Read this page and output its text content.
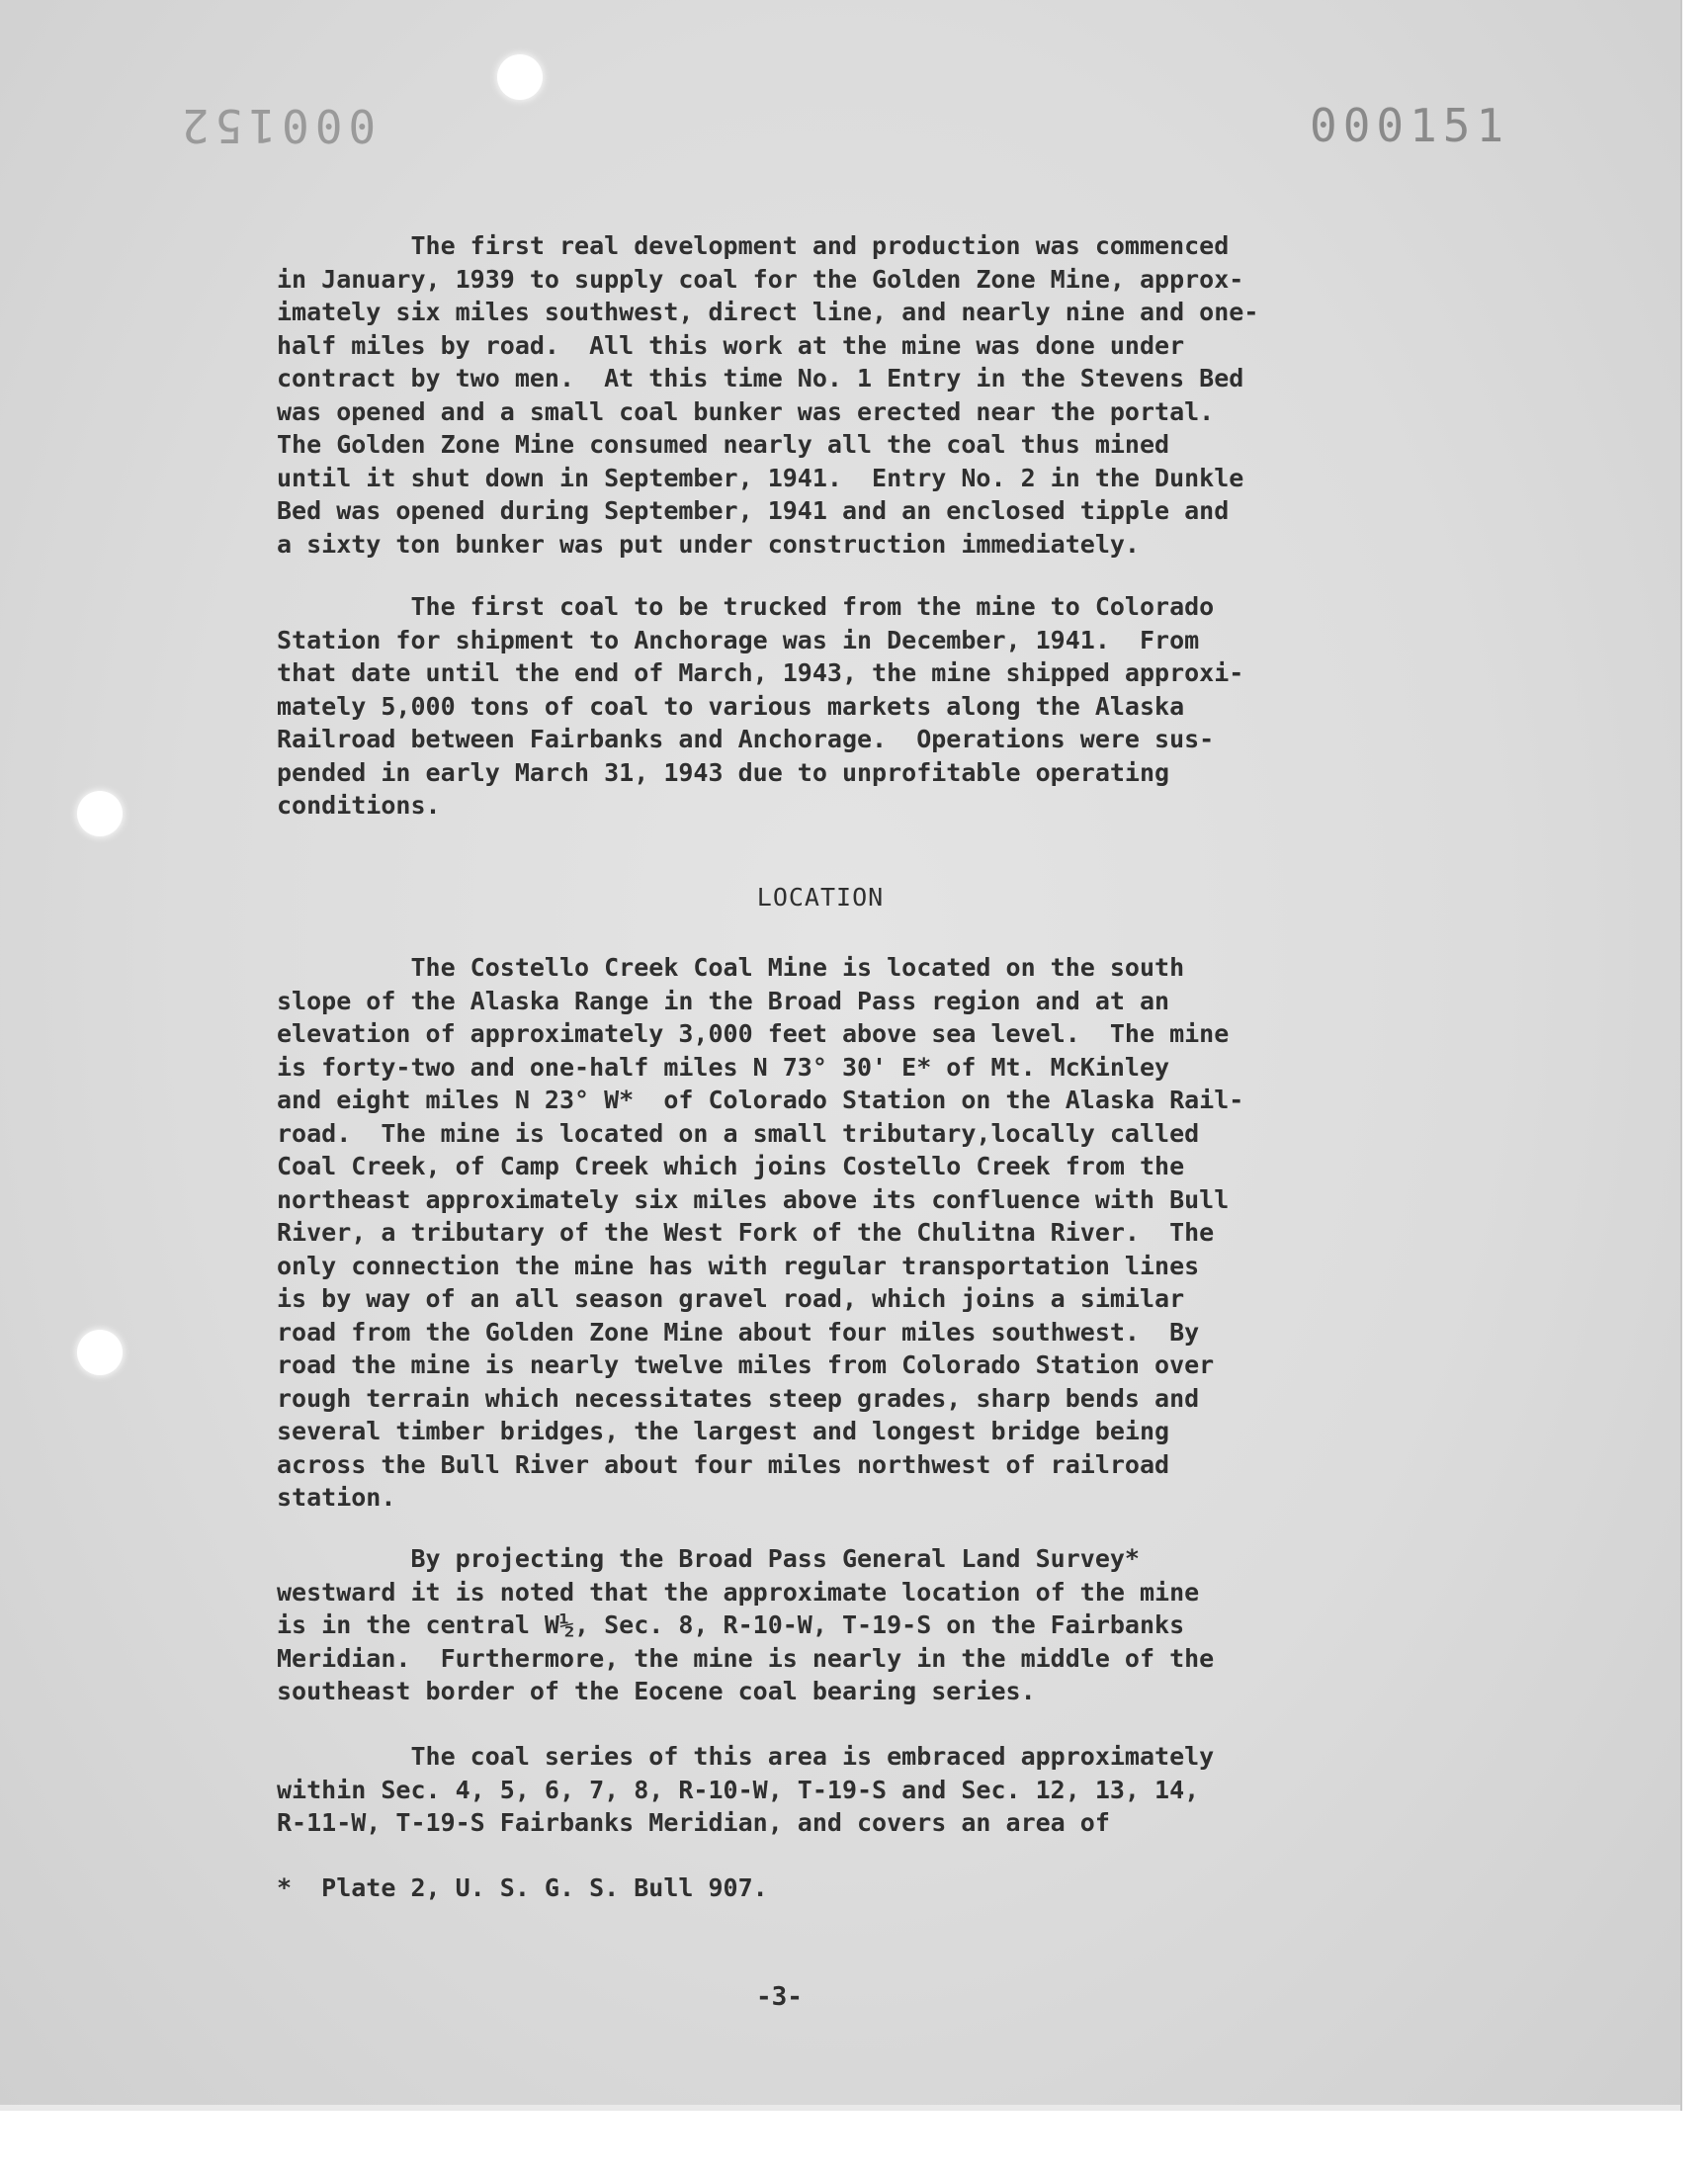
000152	000151
The first real development and production was commenced
in January, 1939 to supply coal for the Golden Zone Mine, approx-
imately six miles southwest, direct line, and nearly nine and one-
half miles by road.  All this work at the mine was done under
contract by two men.  At this time No. 1 Entry in the Stevens Bed
was opened and a small coal bunker was erected near the portal.
The Golden Zone Mine consumed nearly all the coal thus mined
until it shut down in September, 1941.  Entry No. 2 in the Dunkle
Bed was opened during September, 1941 and an enclosed tipple and
a sixty ton bunker was put under construction immediately.
The first coal to be trucked from the mine to Colorado
Station for shipment to Anchorage was in December, 1941.  From
that date until the end of March, 1943, the mine shipped approxi-
mately 5,000 tons of coal to various markets along the Alaska
Railroad between Fairbanks and Anchorage.  Operations were sus-
pended in early March 31, 1943 due to unprofitable operating
conditions.
LOCATION
The Costello Creek Coal Mine is located on the south
slope of the Alaska Range in the Broad Pass region and at an
elevation of approximately 3,000 feet above sea level.  The mine
is forty-two and one-half miles N 73° 30' E* of Mt. McKinley
and eight miles N 23° W*  of Colorado Station on the Alaska Rail-
road.  The mine is located on a small tributary,locally called
Coal Creek, of Camp Creek which joins Costello Creek from the
northeast approximately six miles above its confluence with Bull
River, a tributary of the West Fork of the Chulitna River.  The
only connection the mine has with regular transportation lines
is by way of an all season gravel road, which joins a similar
road from the Golden Zone Mine about four miles southwest.  By
road the mine is nearly twelve miles from Colorado Station over
rough terrain which necessitates steep grades, sharp bends and
several timber bridges, the largest and longest bridge being
across the Bull River about four miles northwest of railroad
station.
By projecting the Broad Pass General Land Survey*
westward it is noted that the approximate location of the mine
is in the central W½, Sec. 8, R-10-W, T-19-S on the Fairbanks
Meridian.  Furthermore, the mine is nearly in the middle of the
southeast border of the Eocene coal bearing series.
The coal series of this area is embraced approximately
within Sec. 4, 5, 6, 7, 8, R-10-W, T-19-S and Sec. 12, 13, 14,
R-11-W, T-19-S Fairbanks Meridian, and covers an area of
*  Plate 2, U. S. G. S. Bull 907.
-3-
